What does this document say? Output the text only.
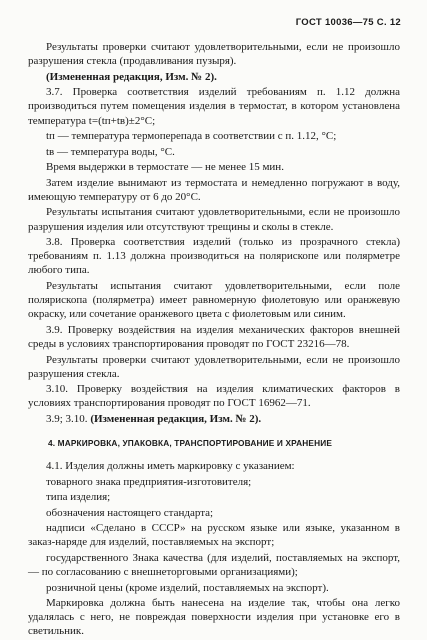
ГОСТ 10036—75 С. 12

Результаты проверки считают удовлетворительными, если не произошло разрушения стекла (продавливания пузыря).

(Измененная редакция, Изм. № 2).

3.7. Проверка соответствия изделий требованиям п. 1.12 должна производиться путем помещения изделия в термостат, в котором установлена температура t=(tп+tв)±2°С;

tп — температура термоперепада в соответствии с п. 1.12, °С;

tв — температура воды, °С.

Время выдержки в термостате — не менее 15 мин.

Затем изделие вынимают из термостата и немедленно погружают в воду, имеющую температуру от 6 до 20°С.

Результаты испытания считают удовлетворительными, если не произошло разрушения изделия или отсутствуют трещины и сколы в стекле.

3.8. Проверка соответствия изделий (только из прозрачного стекла) требованиям п. 1.13 должна производиться на полярископе или полярметре любого типа.

Результаты испытания считают удовлетворительными, если поле полярископа (полярметра) имеет равномерную фиолетовую или оранжевую окраску, или сочетание оранжевого цвета с фиолетовым или синим.

3.9. Проверку воздействия на изделия механических факторов внешней среды в условиях транспортирования проводят по ГОСТ 23216—78.

Результаты проверки считают удовлетворительными, если не произошло разрушения стекла.

3.10. Проверку воздействия на изделия климатических факторов в условиях транспортирования проводят по ГОСТ 16962—71.

3.9; 3.10. (Измененная редакция, Изм. № 2).

4. МАРКИРОВКА, УПАКОВКА, ТРАНСПОРТИРОВАНИЕ И ХРАНЕНИЕ

4.1. Изделия должны иметь маркировку с указанием:

товарного знака предприятия-изготовителя;

типа изделия;

обозначения настоящего стандарта;

надписи «Сделано в СССР» на русском языке или языке, указанном в заказ-наряде для изделий, поставляемых на экспорт;

государственного Знака качества (для изделий, поставляемых на экспорт, — по согласованию с внешнеторговыми организациями);

розничной цены (кроме изделий, поставляемых на экспорт).

Маркировка должна быть нанесена на изделие так, чтобы она легко удалялась с него, не повреждая поверхности изделия при установке его в светильник.
